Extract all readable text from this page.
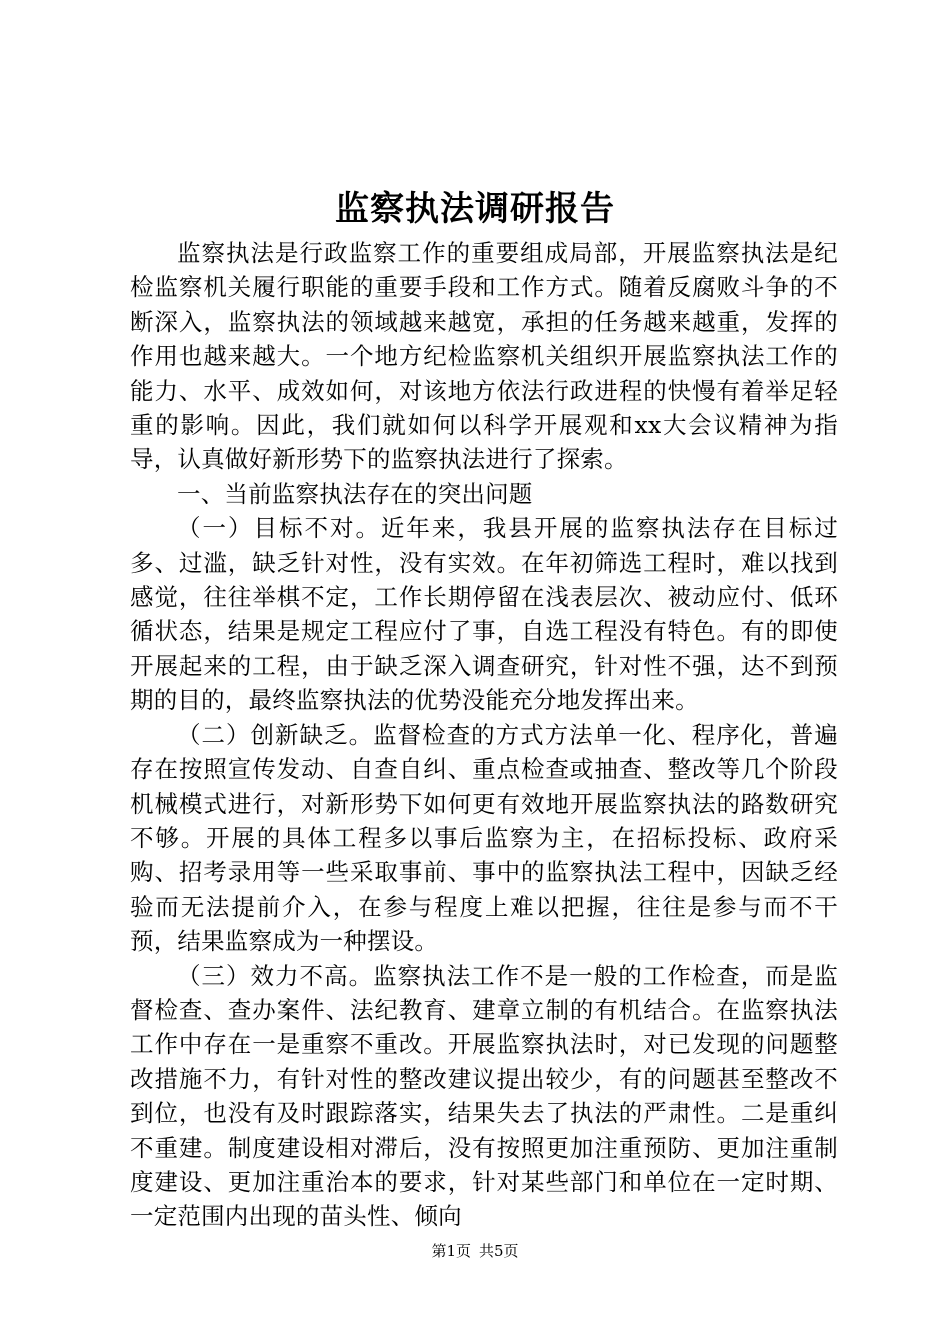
监察执法调研报告

监察执法是行政监察工作的重要组成局部，开展监察执法是纪检监察机关履行职能的重要手段和工作方式。随着反腐败斗争的不断深入，监察执法的领域越来越宽，承担的任务越来越重，发挥的作用也越来越大。一个地方纪检监察机关组织开展监察执法工作的能力、水平、成效如何，对该地方依法行政进程的快慢有着举足轻重的影响。因此，我们就如何以科学开展观和xx大会议精神为指导，认真做好新形势下的监察执法进行了探索。

一、当前监察执法存在的突出问题

（一）目标不对。近年来，我县开展的监察执法存在目标过多、过滥，缺乏针对性，没有实效。在年初筛选工程时，难以找到感觉，往往举棋不定，工作长期停留在浅表层次、被动应付、低环循状态，结果是规定工程应付了事，自选工程没有特色。有的即使开展起来的工程，由于缺乏深入调查研究，针对性不强，达不到预期的目的，最终监察执法的优势没能充分地发挥出来。

（二）创新缺乏。监督检查的方式方法单一化、程序化，普遍存在按照宣传发动、自查自纠、重点检查或抽查、整改等几个阶段机械模式进行，对新形势下如何更有效地开展监察执法的路数研究不够。开展的具体工程多以事后监察为主，在招标投标、政府采购、招考录用等一些采取事前、事中的监察执法工程中，因缺乏经验而无法提前介入，在参与程度上难以把握，往往是参与而不干预，结果监察成为一种摆设。

（三）效力不高。监察执法工作不是一般的工作检查，而是监督检查、查办案件、法纪教育、建章立制的有机结合。在监察执法工作中存在一是重察不重改。开展监察执法时，对已发现的问题整改措施不力，有针对性的整改建议提出较少，有的问题甚至整改不到位，也没有及时跟踪落实，结果失去了执法的严肃性。二是重纠不重建。制度建设相对滞后，没有按照更加注重预防、更加注重制度建设、更加注重治本的要求，针对某些部门和单位在一定时期、一定范围内出现的苗头性、倾向

第1页 共5页
